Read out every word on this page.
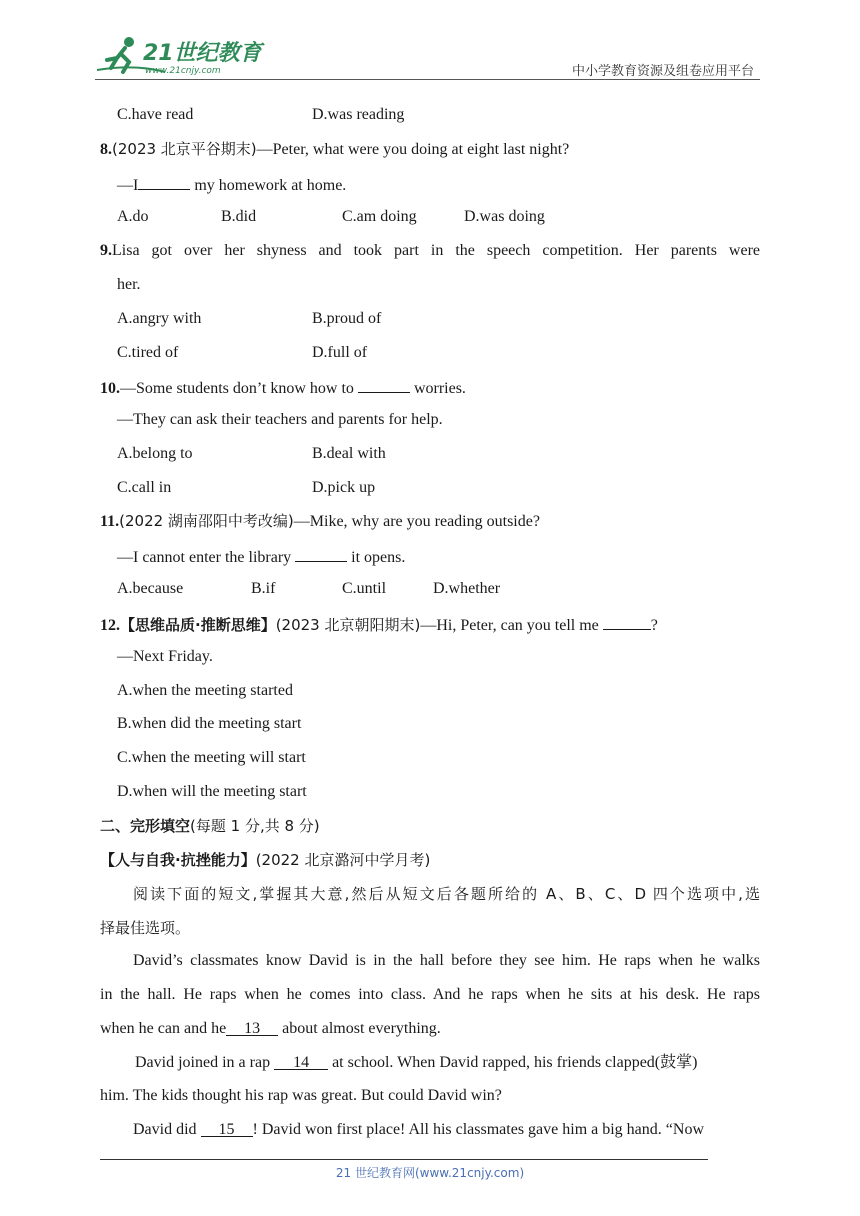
21世纪教育
www.21cnjy.com	中小学教育资源及组卷应用平台
C.have read	D.was reading
8.(2023 北京平谷期末)—Peter, what were you doing at eight last night?
—I	my homework at home.
A.do	B.did	C.am doing	D.was doing
9.Lisa got over her shyness and took part in the speech competition. Her parents were
her.
A.angry with	B.proud of
C.tired of	D.full of
10.—Some students don’t know how to	worries.
—They can ask their teachers and parents for help.
A.belong to	B.deal with
C.call in	D.pick up
11.(2022 湖南邵阳中考改编)—Mike, why are you reading outside?
—I cannot enter the library	it opens.
A.because	B.if	C.until	D.whether
12.【思维品质·推断思维】(2023 北京朝阳期末)—Hi, Peter, can you tell me	?
—Next Friday.
A.when the meeting started
B.when did the meeting start
C.when the meeting will start
D.when will the meeting start
二、完形填空(每题 1 分,共 8 分)
【人与自我·抗挫能力】(2022 北京潞河中学月考)
阅读下面的短文,掌握其大意,然后从短文后各题所给的 A、B、C、D 四个选项中,选
择最佳选项。
David’s classmates know David is in the hall before they see him. He raps when he walks
in the hall. He raps when he comes into class. And he raps when he sits at his desk. He raps
when he can and he 13 about almost everything.
David joined in a rap 14 at school. When David rapped, his friends clapped(鼓掌)
him. The kids thought his rap was great. But could David win?
David did 15 ! David won first place! All his classmates gave him a big hand. “Now
21 世纪教育网(www.21cnjy.com)
